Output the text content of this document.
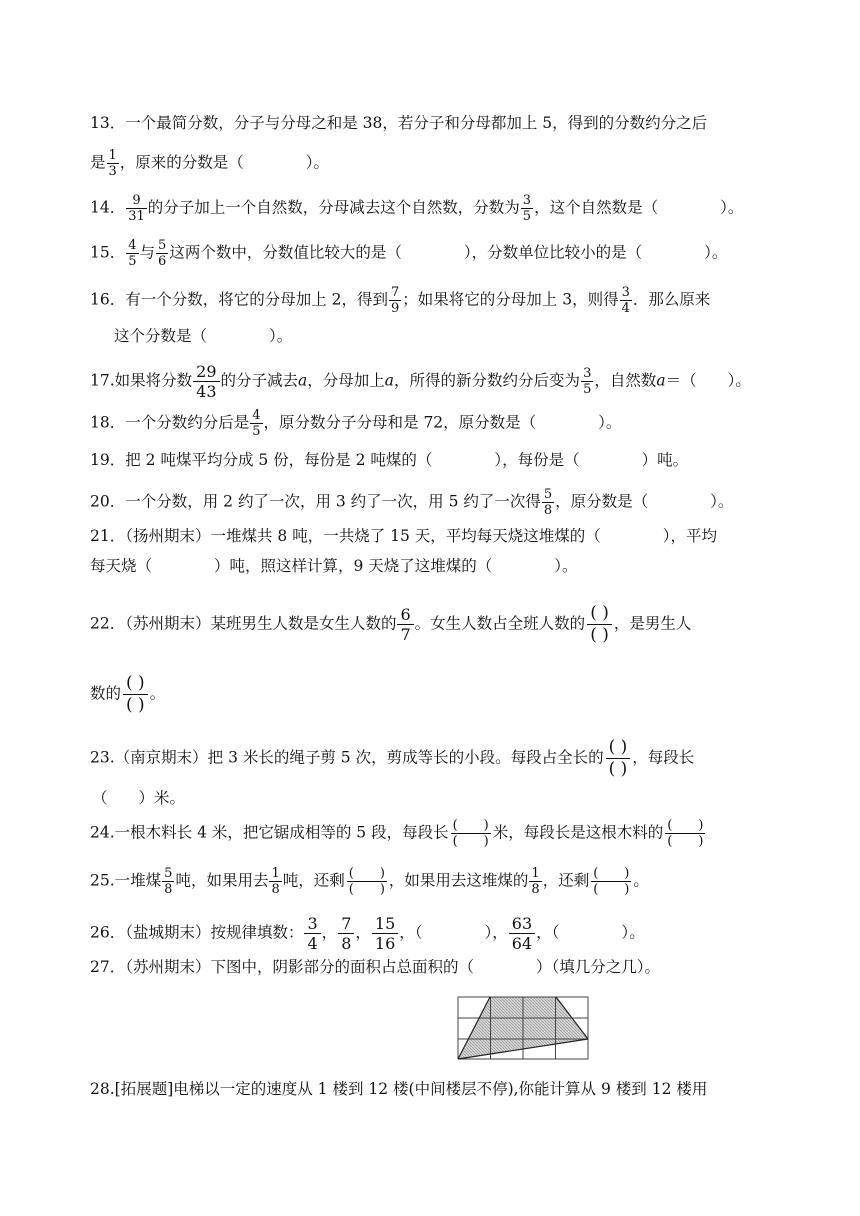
13．一个最简分数，分子与分母之和是 38，若分子和分母都加上 5，得到的分数约分之后
是 $\frac{1}{3}$ ，原来的分数是（　　　　）。
14． $\frac{9}{31}$ 的分子加上一个自然数，分母减去这个自然数，分数为 $\frac{3}{5}$ ，这个自然数是（　　　　）。
15． $\frac{4}{5}$ 与 $\frac{5}{6}$ 这两个数中，分数值比较大的是（　　　　），分数单位比较小的是（　　　　）。
16．有一个分数，将它的分母加上 2，得到 $\frac{7}{9}$ ；如果将它的分母加上 3，则得 $\frac{3}{4}$ ．那么原来
这个分数是（　　　　）。
17.如果将分数 $\frac{29}{43}$ 的分子减去a，分母加上a，所得的新分数约分后变为 $\frac{3}{5}$ ，自然数a＝（　　）。
18．一个分数约分后是 $\frac{4}{5}$ ，原分数分子分母和是 72，原分数是（　　　　）。
19．把 2 吨煤平均分成 5 份，每份是 2 吨煤的（　　　　），每份是（　　　　）吨。
20．一个分数，用 2 约了一次，用 3 约了一次，用 5 约了一次得 $\frac{5}{8}$ ，原分数是（　　　　）。
21．（扬州期末）一堆煤共 8 吨，一共烧了 15 天，平均每天烧这堆煤的（　　　　），平均
每天烧（　　　　）吨，照这样计算，9 天烧了这堆煤的（　　　　）。
22．（苏州期末）某班男生人数是女生人数的 $\frac{6}{7}$ 。女生人数占全班人数的
( )
( )
，是男生人
数的
( )
( )
。
23.（南京期末）把 3 米长的绳子剪 5 次，剪成等长的小段。每段占全长的
( )
( )
，每段长
（　　）米。
24.一根木料长 4 米，把它锯成相等的 5 段，每段长 (　　)
(　　) 米，每段长是这根木料的 (　　)
(　　)
25.一堆煤 $\frac{5}{8}$ 吨，如果用去 $\frac{1}{8}$ 吨，还剩 (　　)
(　　) ，如果用去这堆煤的 $\frac{1}{8}$ ，还剩 (　　)
(　　) 。
26．（盐城期末）按规律填数： $\frac{3}{4}$ ， $\frac{7}{8}$ ， $\frac{15}{16}$ ，（　　　　）， $\frac{63}{64}$ ，（　　　　）。
27．（苏州期末）下图中，阴影部分的面积占总面积的（　　　　）（填几分之几）。
28.[拓展题]电梯以一定的速度从 1 楼到 12 楼(中间楼层不停),你能计算从 9 楼到 12 楼用
